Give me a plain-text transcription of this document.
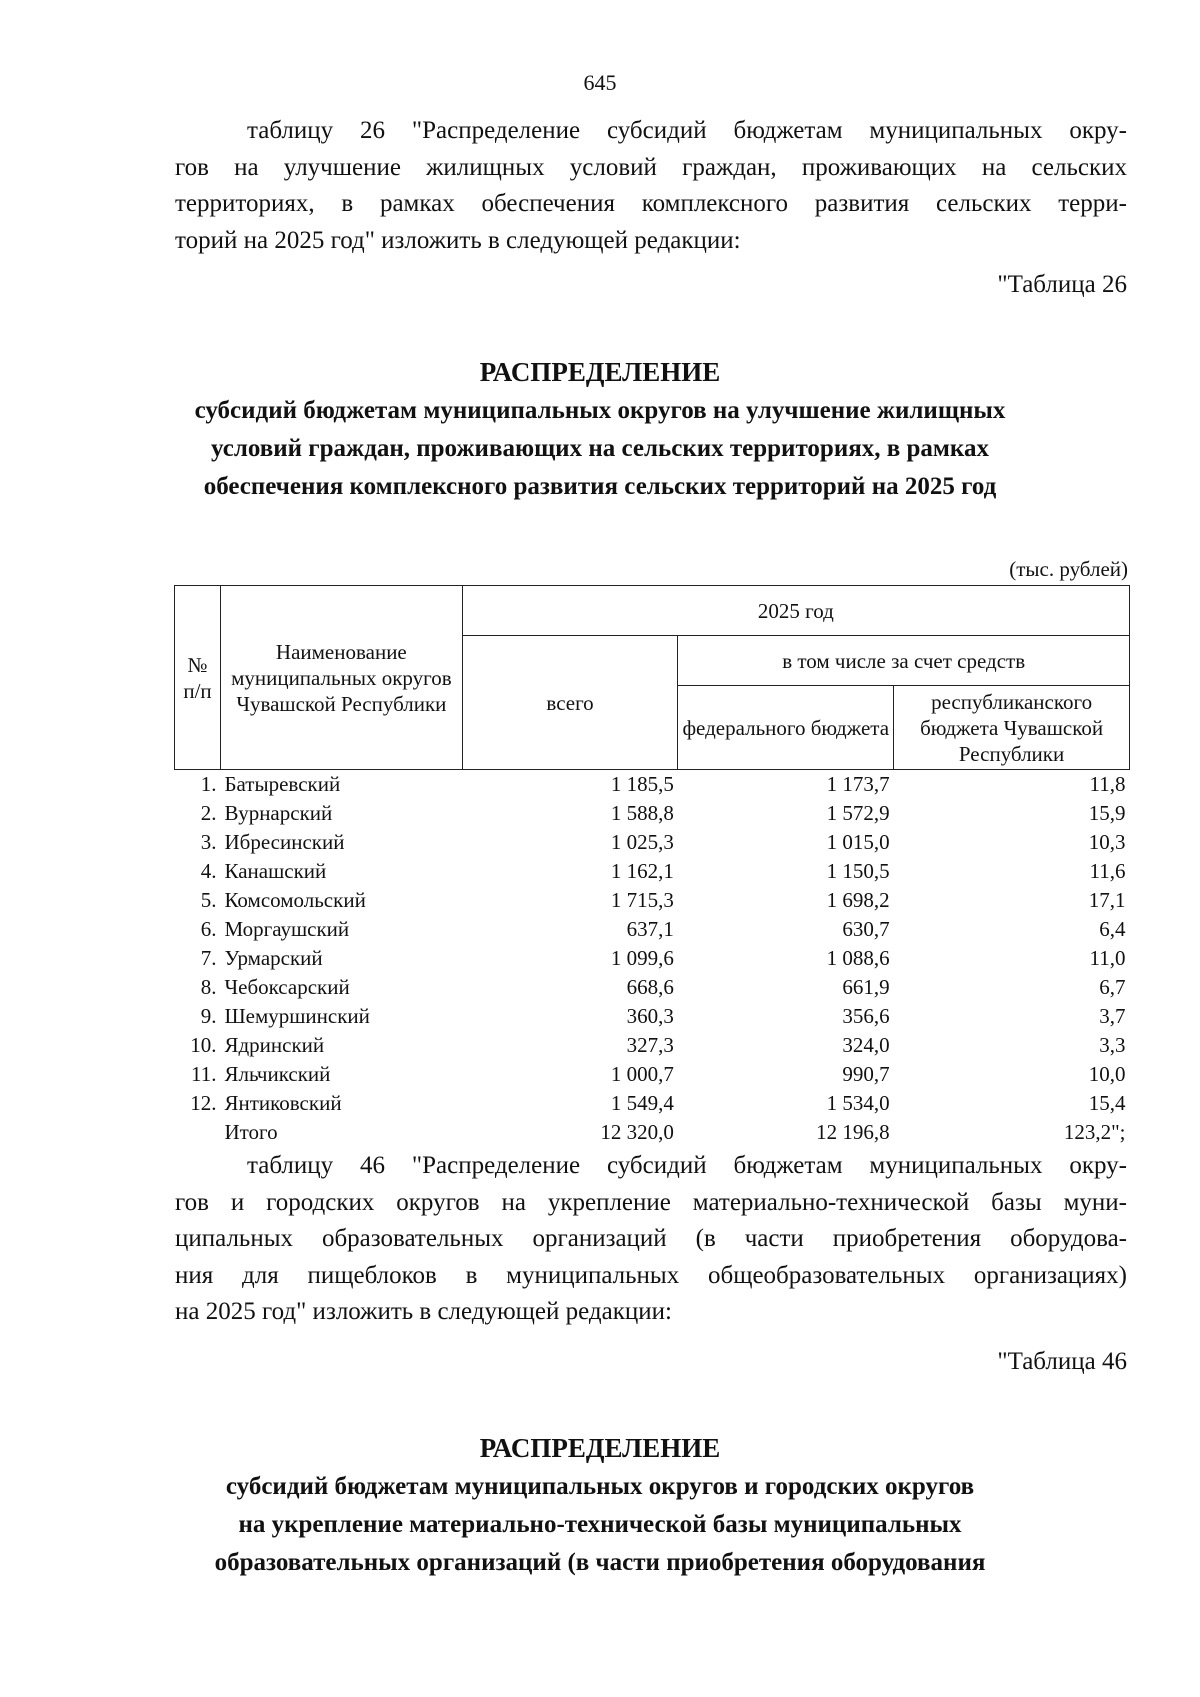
645

таблицу 26 "Распределение субсидий бюджетам муниципальных окру-
гов на улучшение жилищных условий граждан, проживающих на сельских
территориях, в рамках обеспечения комплексного развития сельских терри-
торий на 2025 год" изложить в следующей редакции:

"Таблица 26
РАСПРЕДЕЛЕНИЕ
субсидий бюджетам муниципальных округов на улучшение жилищных
условий граждан, проживающих на сельских территориях, в рамках
обеспечения комплексного развития сельских территорий на 2025 год
(тыс. рублей)
№ п/п	Наименование муниципальных округов Чувашской Республики	2025 год		
		всего	в том числе за счет средств	
			федерального бюджета	республиканского бюджета Чувашской Республики
1.	Батыревский	1 185,5	1 173,7	11,8
2.	Вурнарский	1 588,8	1 572,9	15,9
3.	Ибресинский	1 025,3	1 015,0	10,3
4.	Канашский	1 162,1	1 150,5	11,6
5.	Комсомольский	1 715,3	1 698,2	17,1
6.	Моргаушский	637,1	630,7	6,4
7.	Урмарский	1 099,6	1 088,6	11,0
8.	Чебоксарский	668,6	661,9	6,7
9.	Шемуршинский	360,3	356,6	3,7
10.	Ядринский	327,3	324,0	3,3
11.	Яльчикский	1 000,7	990,7	10,0
12.	Янтиковский	1 549,4	1 534,0	15,4
	Итого	12 320,0	12 196,8	123,2";

таблицу 46 "Распределение субсидий бюджетам муниципальных окру-
гов и городских округов на укрепление материально-технической базы муни-
ципальных образовательных организаций (в части приобретения оборудова-
ния для пищеблоков в муниципальных общеобразовательных организациях)
на 2025 год" изложить в следующей редакции:

"Таблица 46
РАСПРЕДЕЛЕНИЕ
субсидий бюджетам муниципальных округов и городских округов
на укрепление материально-технической базы муниципальных
образовательных организаций (в части приобретения оборудования
